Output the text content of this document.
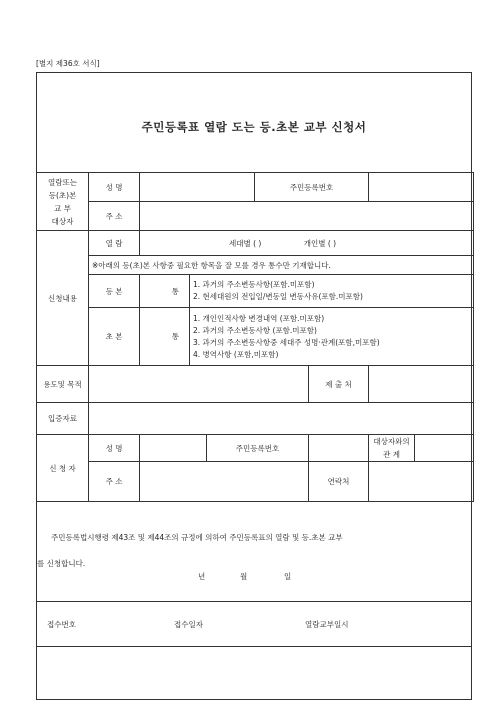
[별지 제36호 서식]
주민등록표 열람 도는 등.초본 교부 신청서
열람또는
등(초)본
교 부
대상자	성 명				주민등록번호			
	주 소							
신청내용	열 람	세대별 ( ) 개인별 ( )						
	※아래의 등(초)본 사항중 필요한 항목을 잘 모를 경우 통수만 기재합니다.							
	등 본	통	1. 과거의 주소변동사항(포함.미포함)
2. 현세대원의 전입일/변동일 변동사유(포함.미포함)					

	초 본	통	1. 개인인적사항 변경내역 (포함.미포함)
2. 과거의 주소변동사항 (포함.미포함)
3. 과거의 주소변동사항중 세대주 성명·관계(포함,미포함)
4. 병역사항 (포함,미포함)					

용도및 목적						제 출 처		
입증자료								
신 청 자	성 명			주민등록번호			대상자와의
관 계	

	주 소					연락처		
주민등록법시행령 제43조 및 제44조의 규정에 의하여 주민등록표의 열람 및 등.초본 교부
를 신청합니다.
년	월	일
접수번호	접수일자	열람교부일시
